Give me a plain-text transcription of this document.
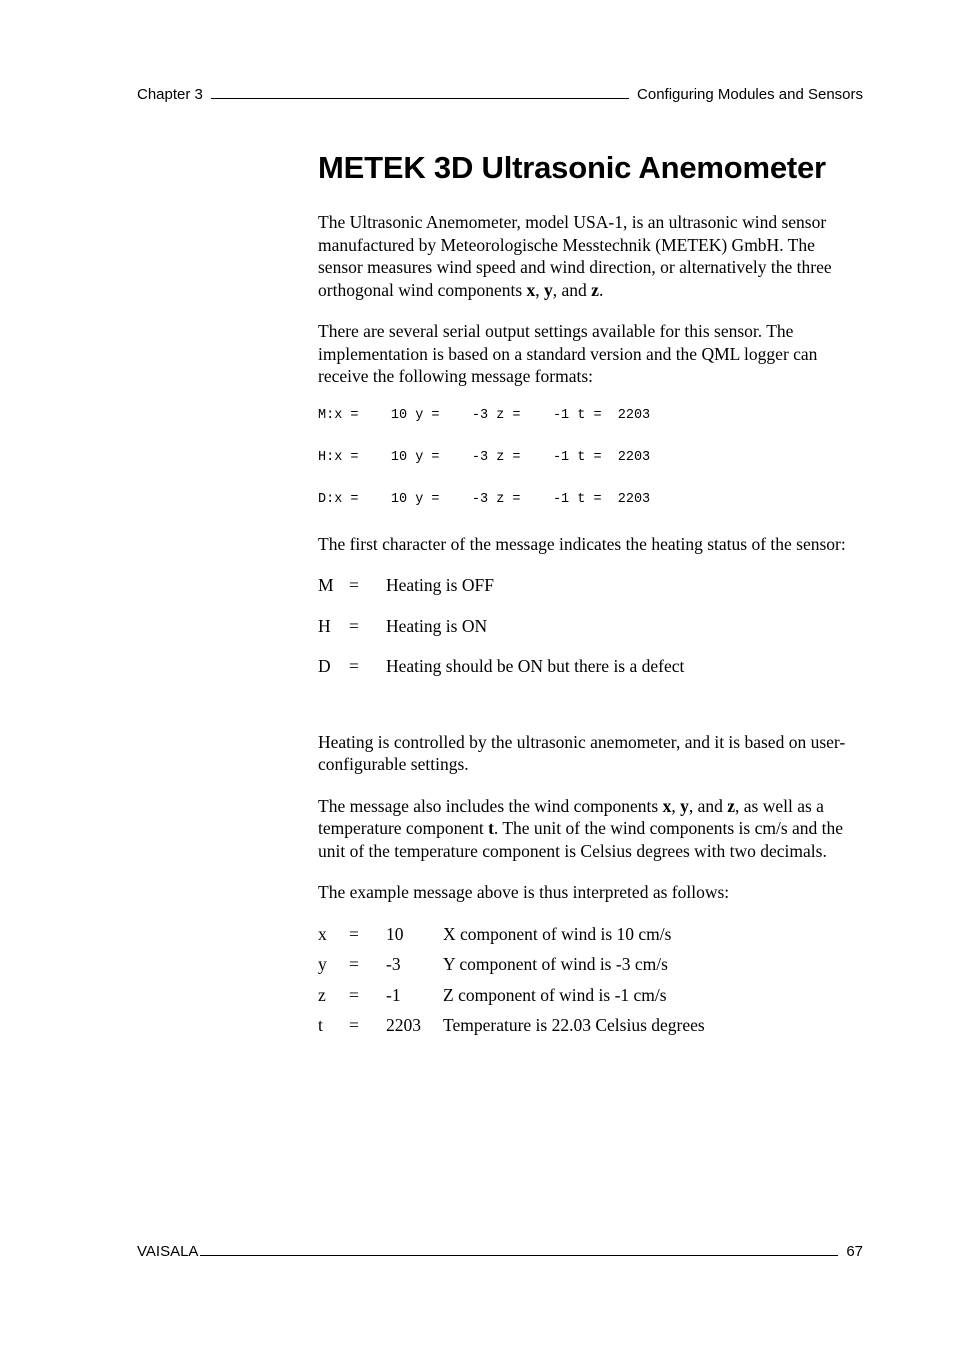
Chapter 3	Configuring Modules and Sensors
METEK 3D Ultrasonic Anemometer

The Ultrasonic Anemometer, model USA-1, is an ultrasonic wind sensor manufactured by Meteorologische Messtechnik (METEK) GmbH. The sensor measures wind speed and wind direction, or alternatively the three orthogonal wind components x, y, and z.

There are several serial output settings available for this sensor. The implementation is based on a standard version and the QML logger can receive the following message formats:

M:x =    10 y =    -3 z =    -1 t =  2203
H:x =    10 y =    -3 z =    -1 t =  2203
D:x =    10 y =    -3 z =    -1 t =  2203

The first character of the message indicates the heating status of the sensor:

M =	Heating is OFF
H	=	Heating is ON
D	=	Heating should be ON but there is a defect

Heating is controlled by the ultrasonic anemometer, and it is based on user-configurable settings.

The message also includes the wind components x, y, and z, as well as a temperature component t. The unit of the wind components is cm/s and the unit of the temperature component is Celsius degrees with two decimals.

The example message above is thus interpreted as follows:

x	=	10	X component of wind is 10 cm/s
y	=	-3	Y component of wind is -3 cm/s
z	=	-1	Z component of wind is -1 cm/s
t	=	2203	Temperature is 22.03 Celsius degrees
VAISALA	67
